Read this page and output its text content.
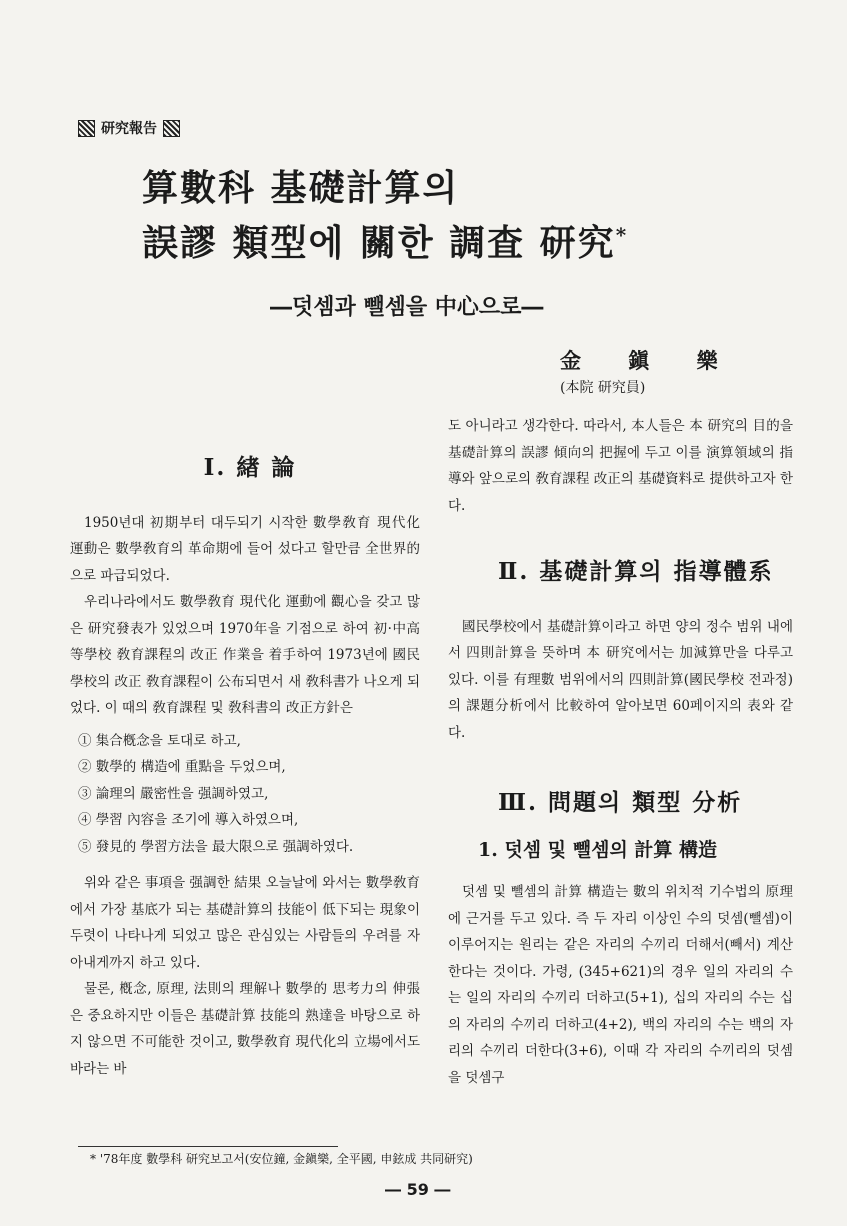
研究報告
算數科 基礎計算의
誤謬 類型에 關한 調査 研究*
―덧셈과 뺄셈을 中心으로―
金 鎭 樂
(本院 研究員)
Ⅰ. 緖 論

1950년대 初期부터 대두되기 시작한 數學敎育 現代化 運動은 數學敎育의 革命期에 들어 섰다고 할만큼 全世界的으로 파급되었다.

우리나라에서도 數學敎育 現代化 運動에 觀心을 갖고 많은 研究發表가 있었으며 1970年을 기점으로 하여 初·中高等學校 敎育課程의 改正 作業을 着手하여 1973년에 國民學校의 改正 敎育課程이 公布되면서 새 敎科書가 나오게 되었다. 이 때의 敎育課程 및 敎科書의 改正方針은

① 集合槪念을 토대로 하고,
② 數學的 構造에 重點을 두었으며,
③ 論理의 嚴密性을 强調하였고,
④ 學習 內容을 조기에 導入하였으며,
⑤ 發見的 學習方法을 最大限으로 强調하였다.

위와 같은 事項을 强調한 結果 오늘날에 와서는 數學敎育에서 가장 基底가 되는 基礎計算의 技能이 低下되는 現象이 두렷이 나타나게 되었고 많은 관심있는 사람들의 우려를 자아내게까지 하고 있다.

물론, 槪念, 原理, 法則의 理解나 數學的 思考力의 伸張은 중요하지만 이들은 基礎計算 技能의 熟達을 바탕으로 하지 않으면 不可能한 것이고, 數學敎育 現代化의 立場에서도 바라는 바

도 아니라고 생각한다. 따라서, 本人들은 本 研究의 目的을 基礎計算의 誤謬 傾向의 把握에 두고 이를 演算領域의 指導와 앞으로의 敎育課程 改正의 基礎資料로 提供하고자 한다.

Ⅱ. 基礎計算의 指導體系

國民學校에서 基礎計算이라고 하면 양의 정수 범위 내에서 四則計算을 뜻하며 本 研究에서는 加減算만을 다루고 있다. 이를 有理數 범위에서의 四則計算(國民學校 전과정)의 課題分析에서 比較하여 알아보면 60페이지의 表와 같다.

Ⅲ. 問題의 類型 分析
1. 덧셈 및 뺄셈의 計算 構造

덧셈 및 뺄셈의 計算 構造는 數의 위치적 기수법의 原理에 근거를 두고 있다. 즉 두 자리 이상인 수의 덧셈(뺄셈)이 이루어지는 원리는 같은 자리의 수끼리 더해서(빼서) 계산한다는 것이다. 가령, (345+621)의 경우 일의 자리의 수는 일의 자리의 수끼리 더하고(5+1), 십의 자리의 수는 십의 자리의 수끼리 더하고(4+2), 백의 자리의 수는 백의 자리의 수끼리 더한다(3+6), 이때 각 자리의 수끼리의 덧셈을 덧셈구

* '78年度 數學科 研究보고서(安位鐘, 金鎭樂, 全平國, 申鉉成 共同研究)
― 59 ―
